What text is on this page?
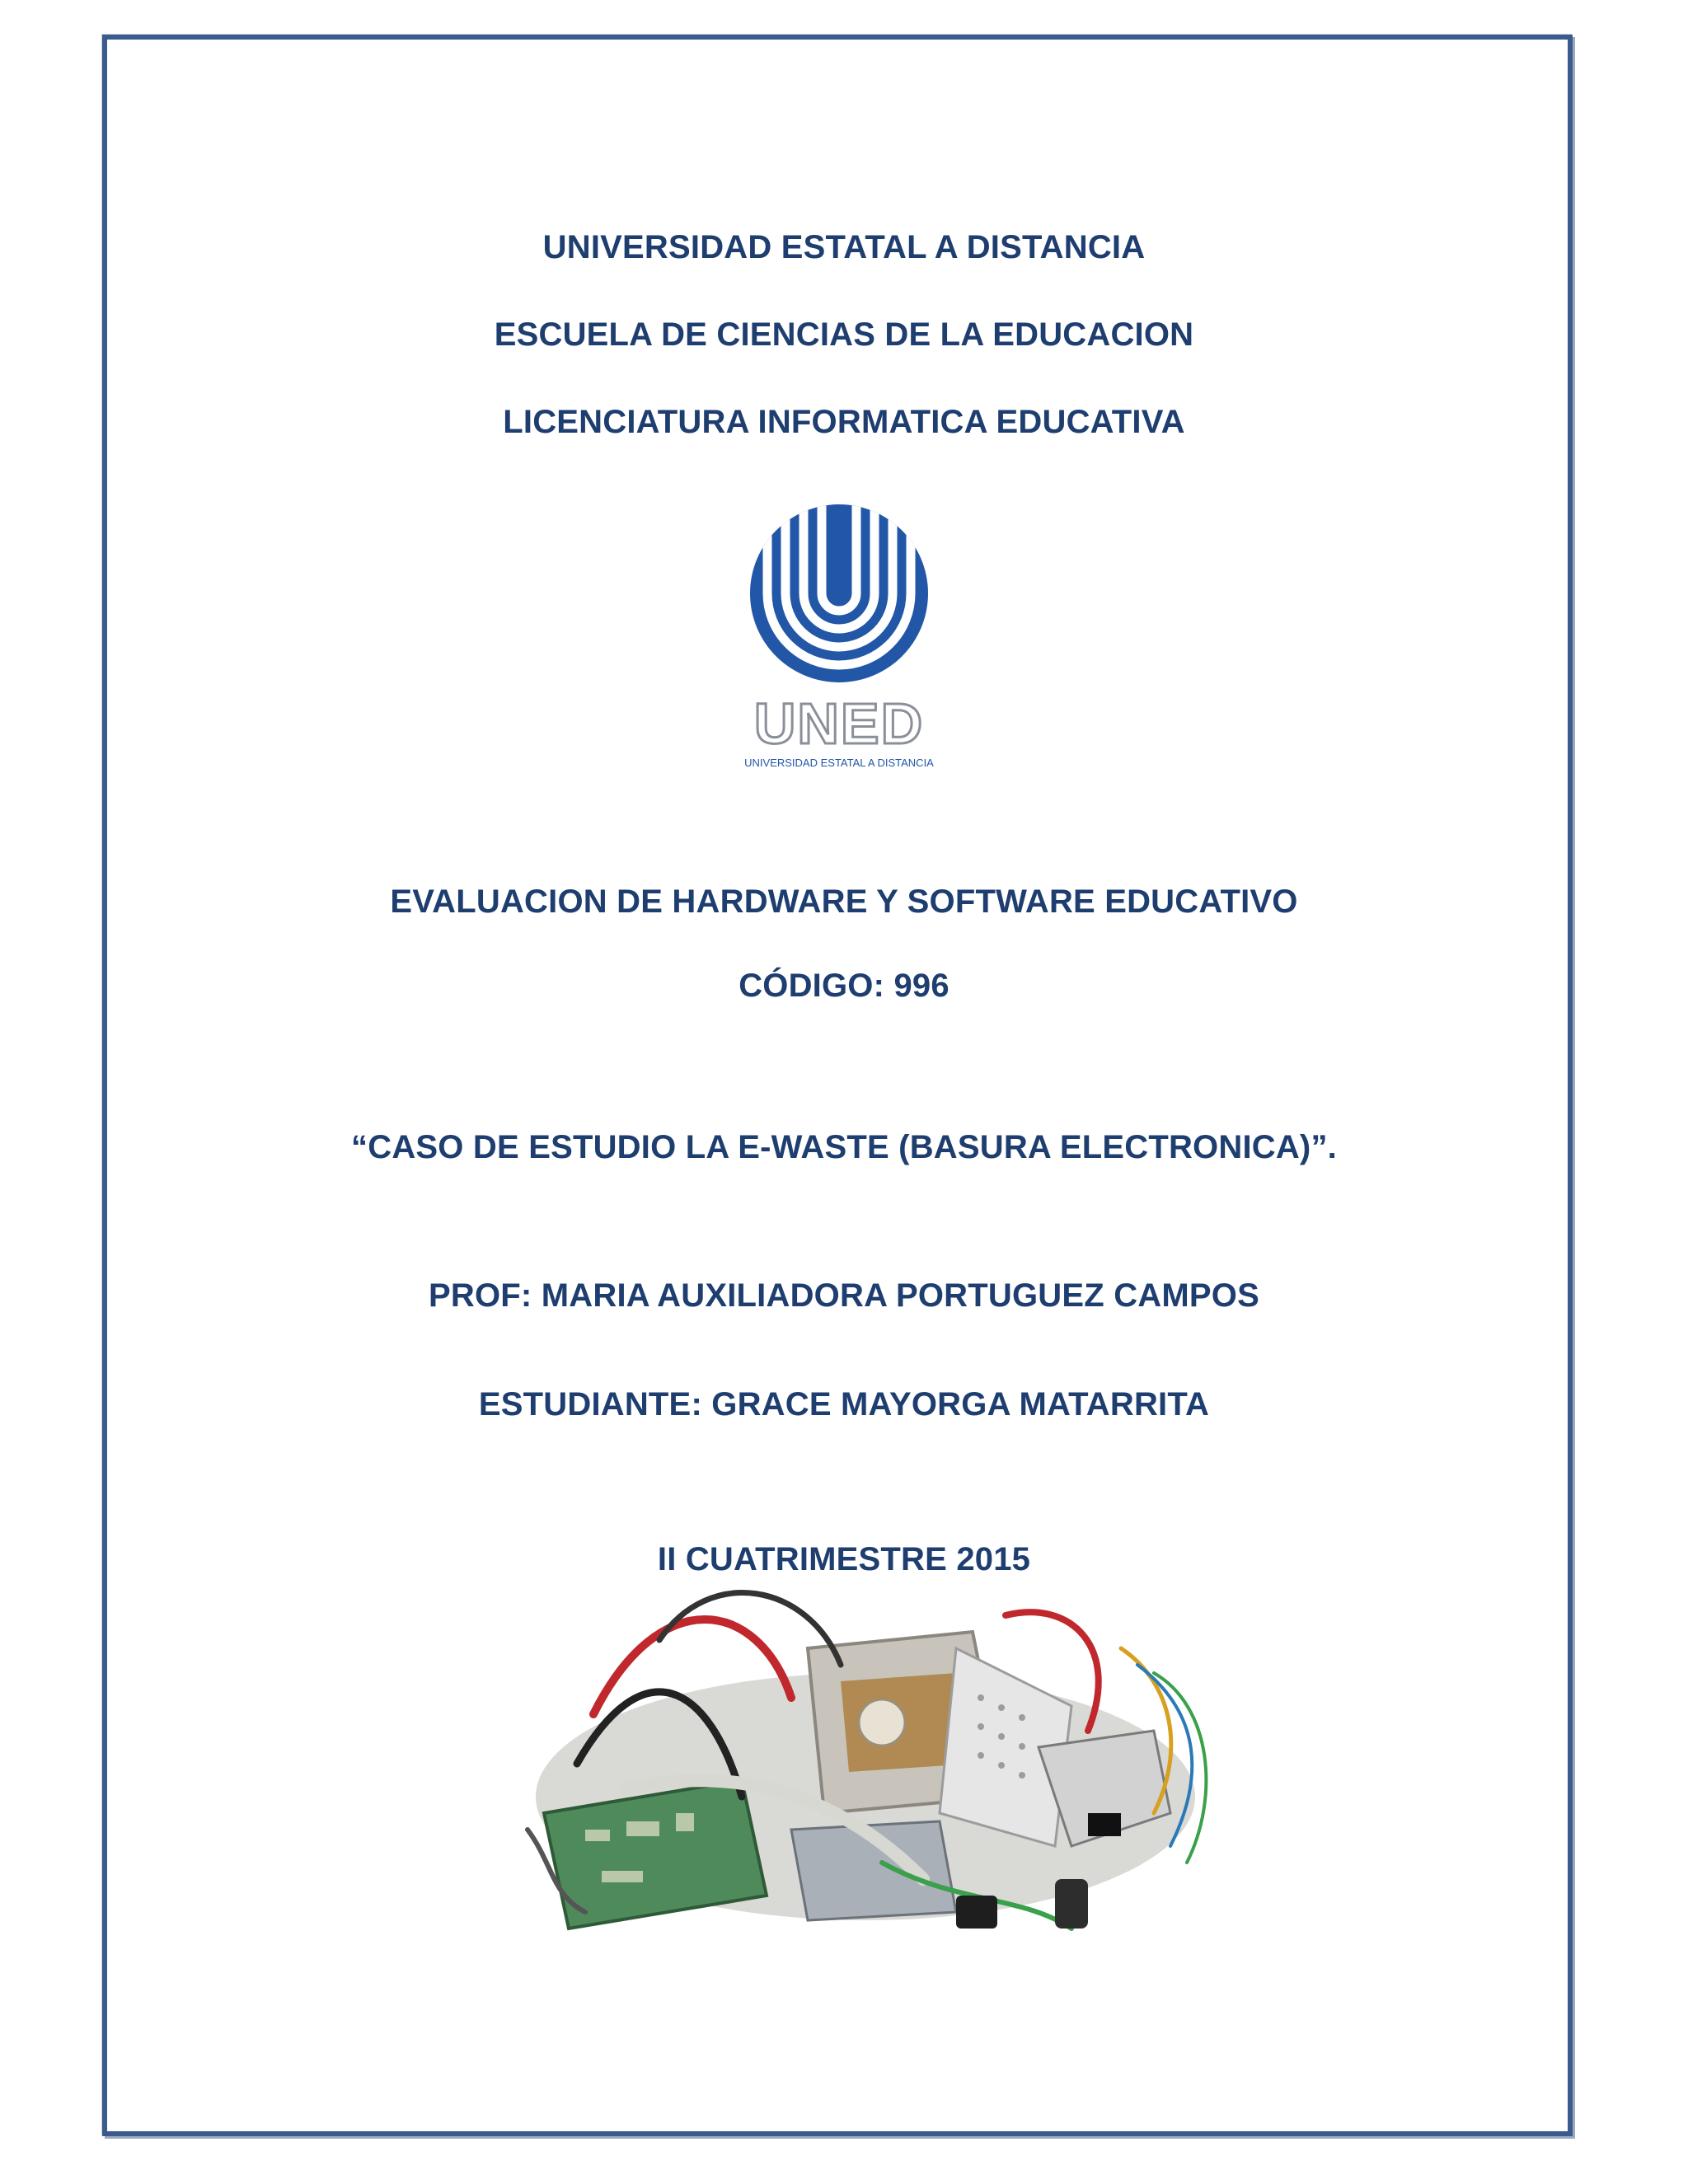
UNIVERSIDAD ESTATAL A DISTANCIA
ESCUELA DE CIENCIAS DE LA EDUCACION
LICENCIATURA INFORMATICA EDUCATIVA
UNED
UNIVERSIDAD ESTATAL A DISTANCIA
EVALUACION DE HARDWARE Y SOFTWARE EDUCATIVO
CÓDIGO: 996
“CASO DE ESTUDIO LA E-WASTE (BASURA ELECTRONICA)”.
PROF: MARIA AUXILIADORA PORTUGUEZ CAMPOS
ESTUDIANTE: GRACE MAYORGA MATARRITA
II CUATRIMESTRE 2015
